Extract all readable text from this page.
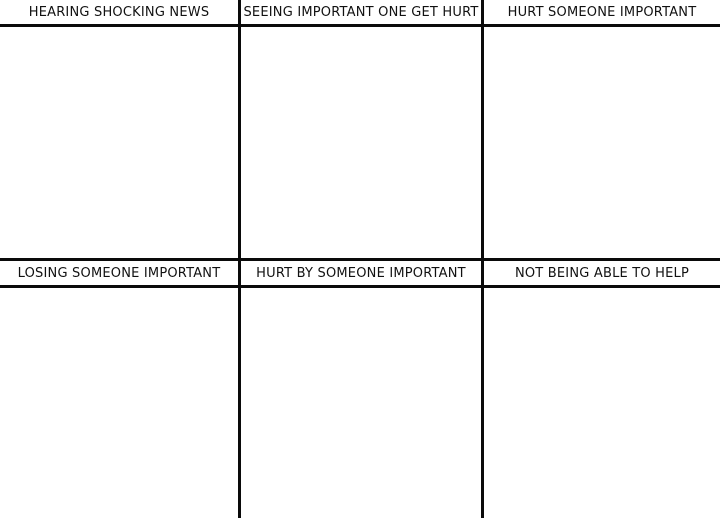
HEARING SHOCKING NEWS	SEEING IMPORTANT ONE GET HURT	HURT SOMEONE IMPORTANT
LOSING SOMEONE IMPORTANT	HURT BY SOMEONE IMPORTANT	NOT BEING ABLE TO HELP
